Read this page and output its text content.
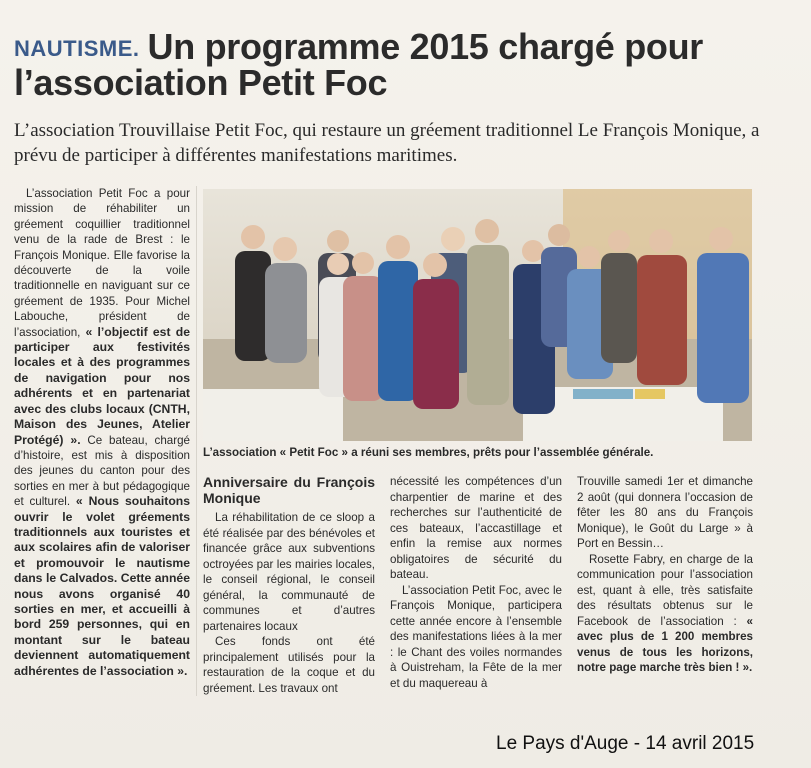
NAUTISME. Un programme 2015 chargé pour l’association Petit Foc
L’association Trouvillaise Petit Foc, qui restaure un gréement traditionnel Le François Monique, a prévu de participer à différentes manifestations maritimes.

L’association Petit Foc a pour mission de réhabiliter un gréement coquillier traditionnel venu de la rade de Brest : le François Monique. Elle favorise la découverte de la voile traditionnelle en naviguant sur ce gréement de 1935. Pour Michel Labouche, président de l’association, « l’objectif est de participer aux festivités locales et à des programmes de navigation pour nos adhérents et en partenariat avec des clubs locaux (CNTH, Maison des Jeunes, Atelier Protégé) ». Ce bateau, chargé d’histoire, est mis à disposition des jeunes du canton pour des sorties en mer à but pédagogique et culturel. « Nous souhaitons ouvrir le volet gréements traditionnels aux touristes et aux scolaires afin de valoriser et promouvoir le nautisme dans le Calvados. Cette année nous avons organisé 40 sorties en mer, et accueilli à bord 259 personnes, qui en montant sur le bateau deviennent automatiquement adhérentes de l’association ».

L’association « Petit Foc » a réuni ses membres, prêts pour l’assemblée générale.

Anniversaire du François Monique

La réhabilitation de ce sloop a été réalisée par des bénévoles et financée grâce aux subventions octroyées par les mairies locales, le conseil régional, le conseil général, la communauté de communes et d’autres partenaires locaux

Ces fonds ont été principalement utilisés pour la restauration de la coque et du gréement. Les travaux ont

nécessité les compétences d’un charpentier de marine et des recherches sur l’authenticité de ces bateaux, l’accastillage et enfin la remise aux normes obligatoires de sécurité du bateau.

L’association Petit Foc, avec le François Monique, participera cette année encore à l’ensemble des manifestations liées à la mer : le Chant des voiles normandes à Ouistreham, la Fête de la mer et du maquereau à

Trouville samedi 1er et dimanche 2 août (qui donnera l’occasion de fêter les 80 ans du François Monique), le Goût du Large » à Port en Bessin…

Rosette Fabry, en charge de la communication pour l’association est, quant à elle, très satisfaite des résultats obtenus sur le Facebook de l’association : « avec plus de 1 200 membres venus de tous les horizons, notre page marche très bien ! ».

Le Pays d'Auge - 14 avril 2015
